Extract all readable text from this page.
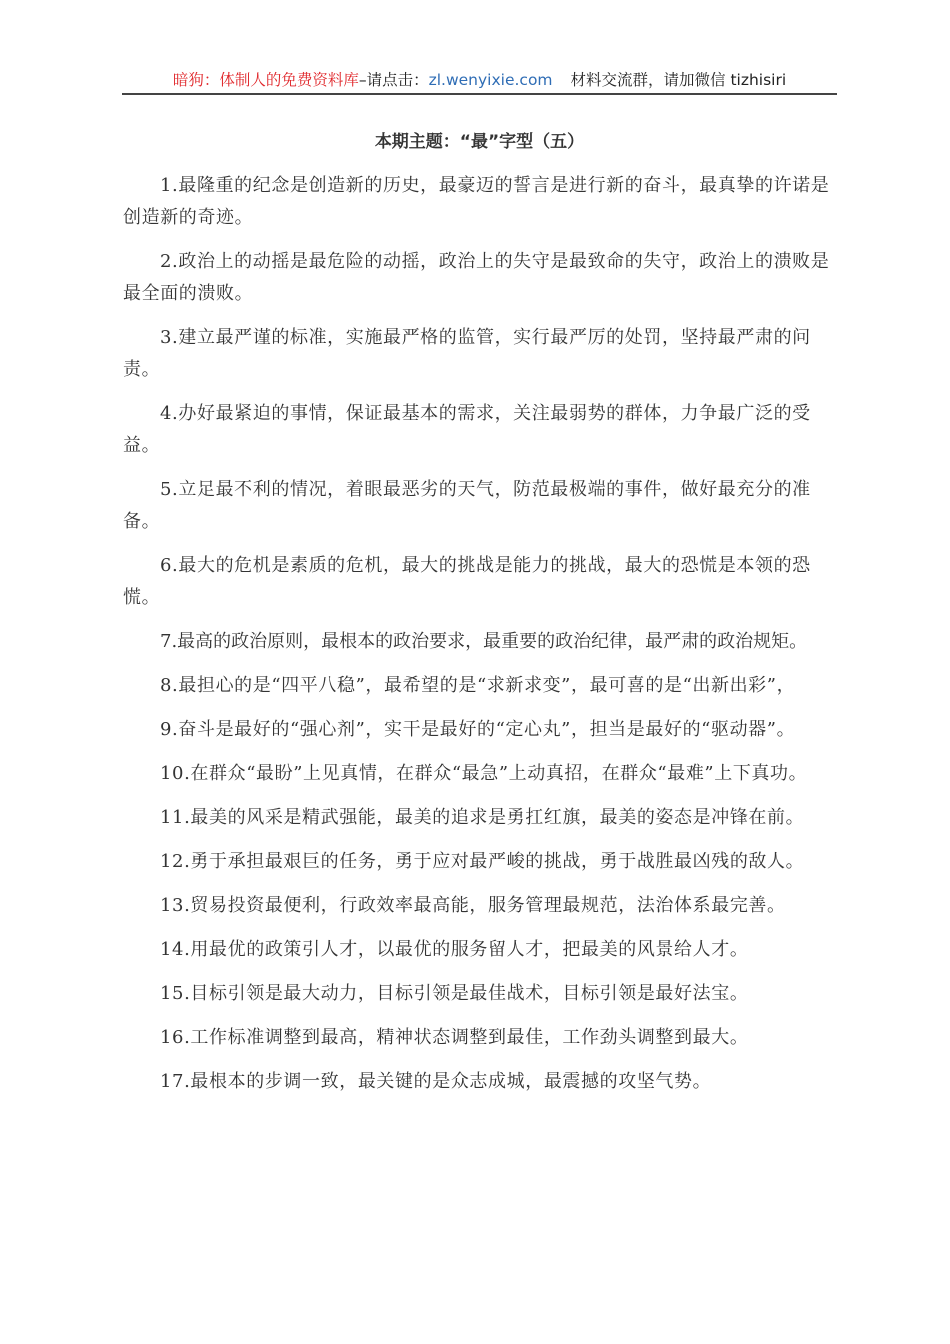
暗狗：体制人的免费资料库–请点击：zl.wenyixie.com 材料交流群，请加微信 tizhisiri
本期主题：“最”字型（五）

1.最隆重的纪念是创造新的历史，最豪迈的誓言是进行新的奋斗，最真挚的许诺是创造新的奇迹。

2.政治上的动摇是最危险的动摇，政治上的失守是最致命的失守，政治上的溃败是最全面的溃败。

3.建立最严谨的标准，实施最严格的监管，实行最严厉的处罚，坚持最严肃的问责。

4.办好最紧迫的事情，保证最基本的需求，关注最弱势的群体，力争最广泛的受益。

5.立足最不利的情况，着眼最恶劣的天气，防范最极端的事件，做好最充分的准备。

6.最大的危机是素质的危机，最大的挑战是能力的挑战，最大的恐慌是本领的恐慌。

7.最高的政治原则，最根本的政治要求，最重要的政治纪律，最严肃的政治规矩。

8.最担心的是“四平八稳”，最希望的是“求新求变”，最可喜的是“出新出彩”，

9.奋斗是最好的“强心剂”，实干是最好的“定心丸”，担当是最好的“驱动器”。

10.在群众“最盼”上见真情，在群众“最急”上动真招，在群众“最难”上下真功。

11.最美的风采是精武强能，最美的追求是勇扛红旗，最美的姿态是冲锋在前。

12.勇于承担最艰巨的任务，勇于应对最严峻的挑战，勇于战胜最凶残的敌人。

13.贸易投资最便利，行政效率最高能，服务管理最规范，法治体系最完善。

14.用最优的政策引人才，以最优的服务留人才，把最美的风景给人才。

15.目标引领是最大动力，目标引领是最佳战术，目标引领是最好法宝。

16.工作标准调整到最高，精神状态调整到最佳，工作劲头调整到最大。

17.最根本的步调一致，最关键的是众志成城，最震撼的攻坚气势。
